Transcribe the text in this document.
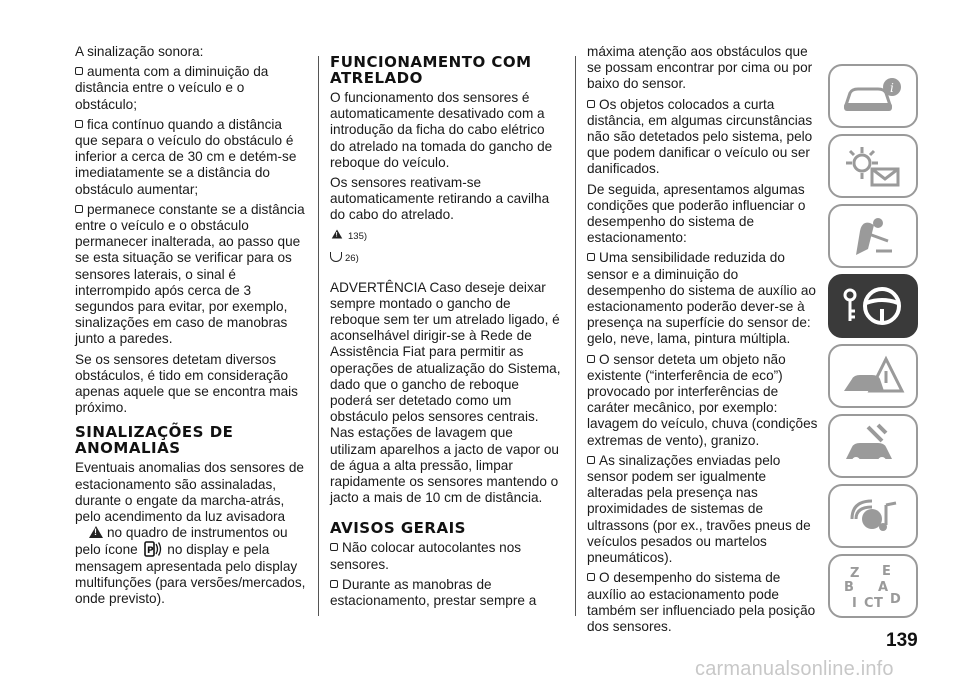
A sinalização sonora:

aumenta com a diminuição da distância entre o veículo e o obstáculo;

fica contínuo quando a distância que separa o veículo do obstáculo é inferior a cerca de 30 cm e detém-se imediatamente se a distância do obstáculo aumentar;

permanece constante se a distância entre o veículo e o obstáculo permanecer inalterada, ao passo que se esta situação se verificar para os sensores laterais, o sinal é interrompido após cerca de 3 segundos para evitar, por exemplo, sinalizações em caso de manobras junto a paredes.

Se os sensores detetam diversos obstáculos, é tido em consideração apenas aquele que se encontra mais próximo.

SINALIZAÇÕES DE ANOMALIAS

Eventuais anomalias dos sensores de estacionamento são assinaladas, durante o engate da marcha-atrás, pelo acendimento da luz avisadora
!no quadro de instrumentos ou
pelo ícone P no display e pela mensagem apresentada pelo display multifunções (para versões/mercados, onde previsto).

FUNCIONAMENTO COM ATRELADO

O funcionamento dos sensores é automaticamente desativado com a introdução da ficha do cabo elétrico do atrelado na tomada do gancho de reboque do veículo.

Os sensores reativam-se automaticamente retirando a cavilha do cabo do atrelado.

!135)

26)

ADVERTÊNCIA Caso deseje deixar sempre montado o gancho de reboque sem ter um atrelado ligado, é aconselhável dirigir-se à Rede de Assistência Fiat para permitir as operações de atualização do Sistema, dado que o gancho de reboque poderá ser detetado como um obstáculo pelos sensores centrais. Nas estações de lavagem que utilizam aparelhos a jacto de vapor ou de água a alta pressão, limpar rapidamente os sensores mantendo o jacto a mais de 10 cm de distância.

AVISOS GERAIS

Não colocar autocolantes nos sensores.

Durante as manobras de estacionamento, prestar sempre a

máxima atenção aos obstáculos que se possam encontrar por cima ou por baixo do sensor.

Os objetos colocados a curta distância, em algumas circunstâncias não são detetados pelo sistema, pelo que podem danificar o veículo ou ser danificados.

De seguida, apresentamos algumas condições que poderão influenciar o desempenho do sistema de estacionamento:

Uma sensibilidade reduzida do sensor e a diminuição do desempenho do sistema de auxílio ao estacionamento poderão dever-se à presença na superfície do sensor de: gelo, neve, lama, pintura múltipla.

O sensor deteta um objeto não existente (“interferência de eco”) provocado por interferências de caráter mecânico, por exemplo: lavagem do veículo, chuva (condições extremas de vento), granizo.

As sinalizações enviadas pelo sensor podem ser igualmente alteradas pela presença nas proximidades de sistemas de ultrassons (por ex., travões pneus de veículos pesados ou martelos pneumáticos).

O desempenho do sistema de auxílio ao estacionamento pode também ser influenciado pela posição dos sensores.

i
Z E
B A
I C T D
139
carmanualsonline.info
